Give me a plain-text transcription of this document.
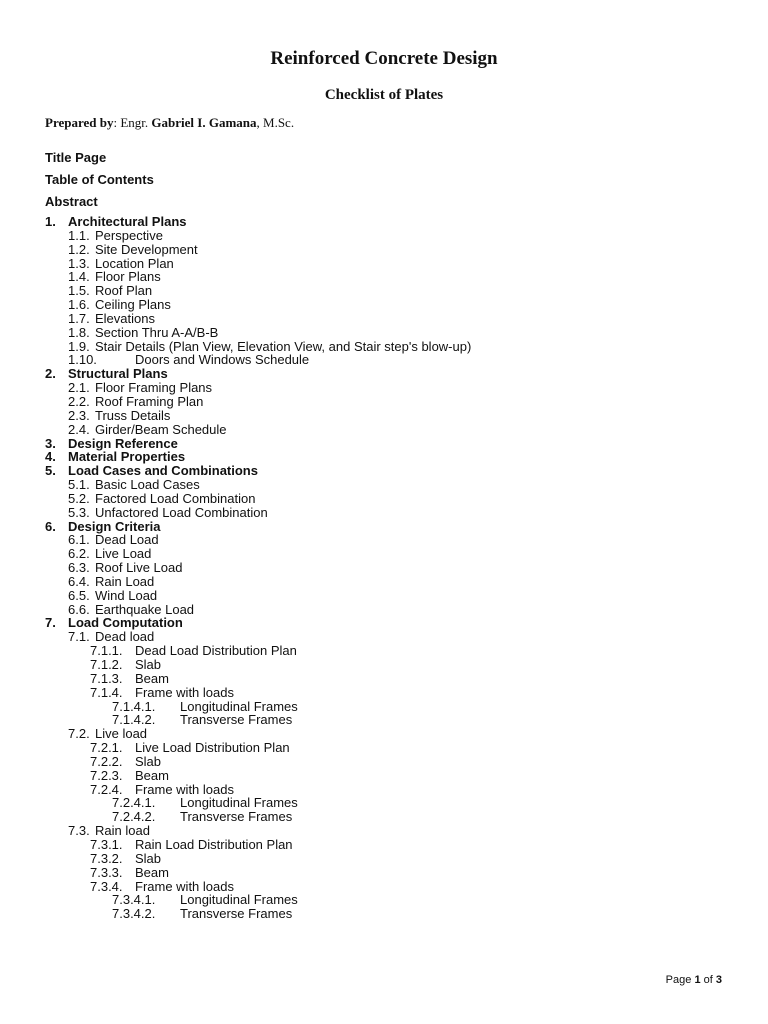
Reinforced Concrete Design
Checklist of Plates
Prepared by: Engr. Gabriel I. Gamana, M.Sc.
Title Page
Table of Contents
Abstract
1. Architectural Plans
1.1. Perspective
1.2. Site Development
1.3. Location Plan
1.4. Floor Plans
1.5. Roof Plan
1.6. Ceiling Plans
1.7. Elevations
1.8. Section Thru A-A/B-B
1.9. Stair Details (Plan View, Elevation View, and Stair step's blow-up)
1.10.	Doors and Windows Schedule
2. Structural Plans
2.1. Floor Framing Plans
2.2. Roof Framing Plan
2.3. Truss Details
2.4. Girder/Beam Schedule
3. Design Reference
4. Material Properties
5. Load Cases and Combinations
5.1. Basic Load Cases
5.2. Factored Load Combination
5.3. Unfactored Load Combination
6. Design Criteria
6.1. Dead Load
6.2. Live Load
6.3. Roof Live Load
6.4. Rain Load
6.5. Wind Load
6.6. Earthquake Load
7. Load Computation
7.1. Dead load
7.1.1. Dead Load Distribution Plan
7.1.2. Slab
7.1.3. Beam
7.1.4. Frame with loads
7.1.4.1. Longitudinal Frames
7.1.4.2. Transverse Frames
7.2. Live load
7.2.1. Live Load Distribution Plan
7.2.2. Slab
7.2.3. Beam
7.2.4. Frame with loads
7.2.4.1. Longitudinal Frames
7.2.4.2. Transverse Frames
7.3. Rain load
7.3.1. Rain Load Distribution Plan
7.3.2. Slab
7.3.3. Beam
7.3.4. Frame with loads
7.3.4.1. Longitudinal Frames
7.3.4.2. Transverse Frames
Page 1 of 3
